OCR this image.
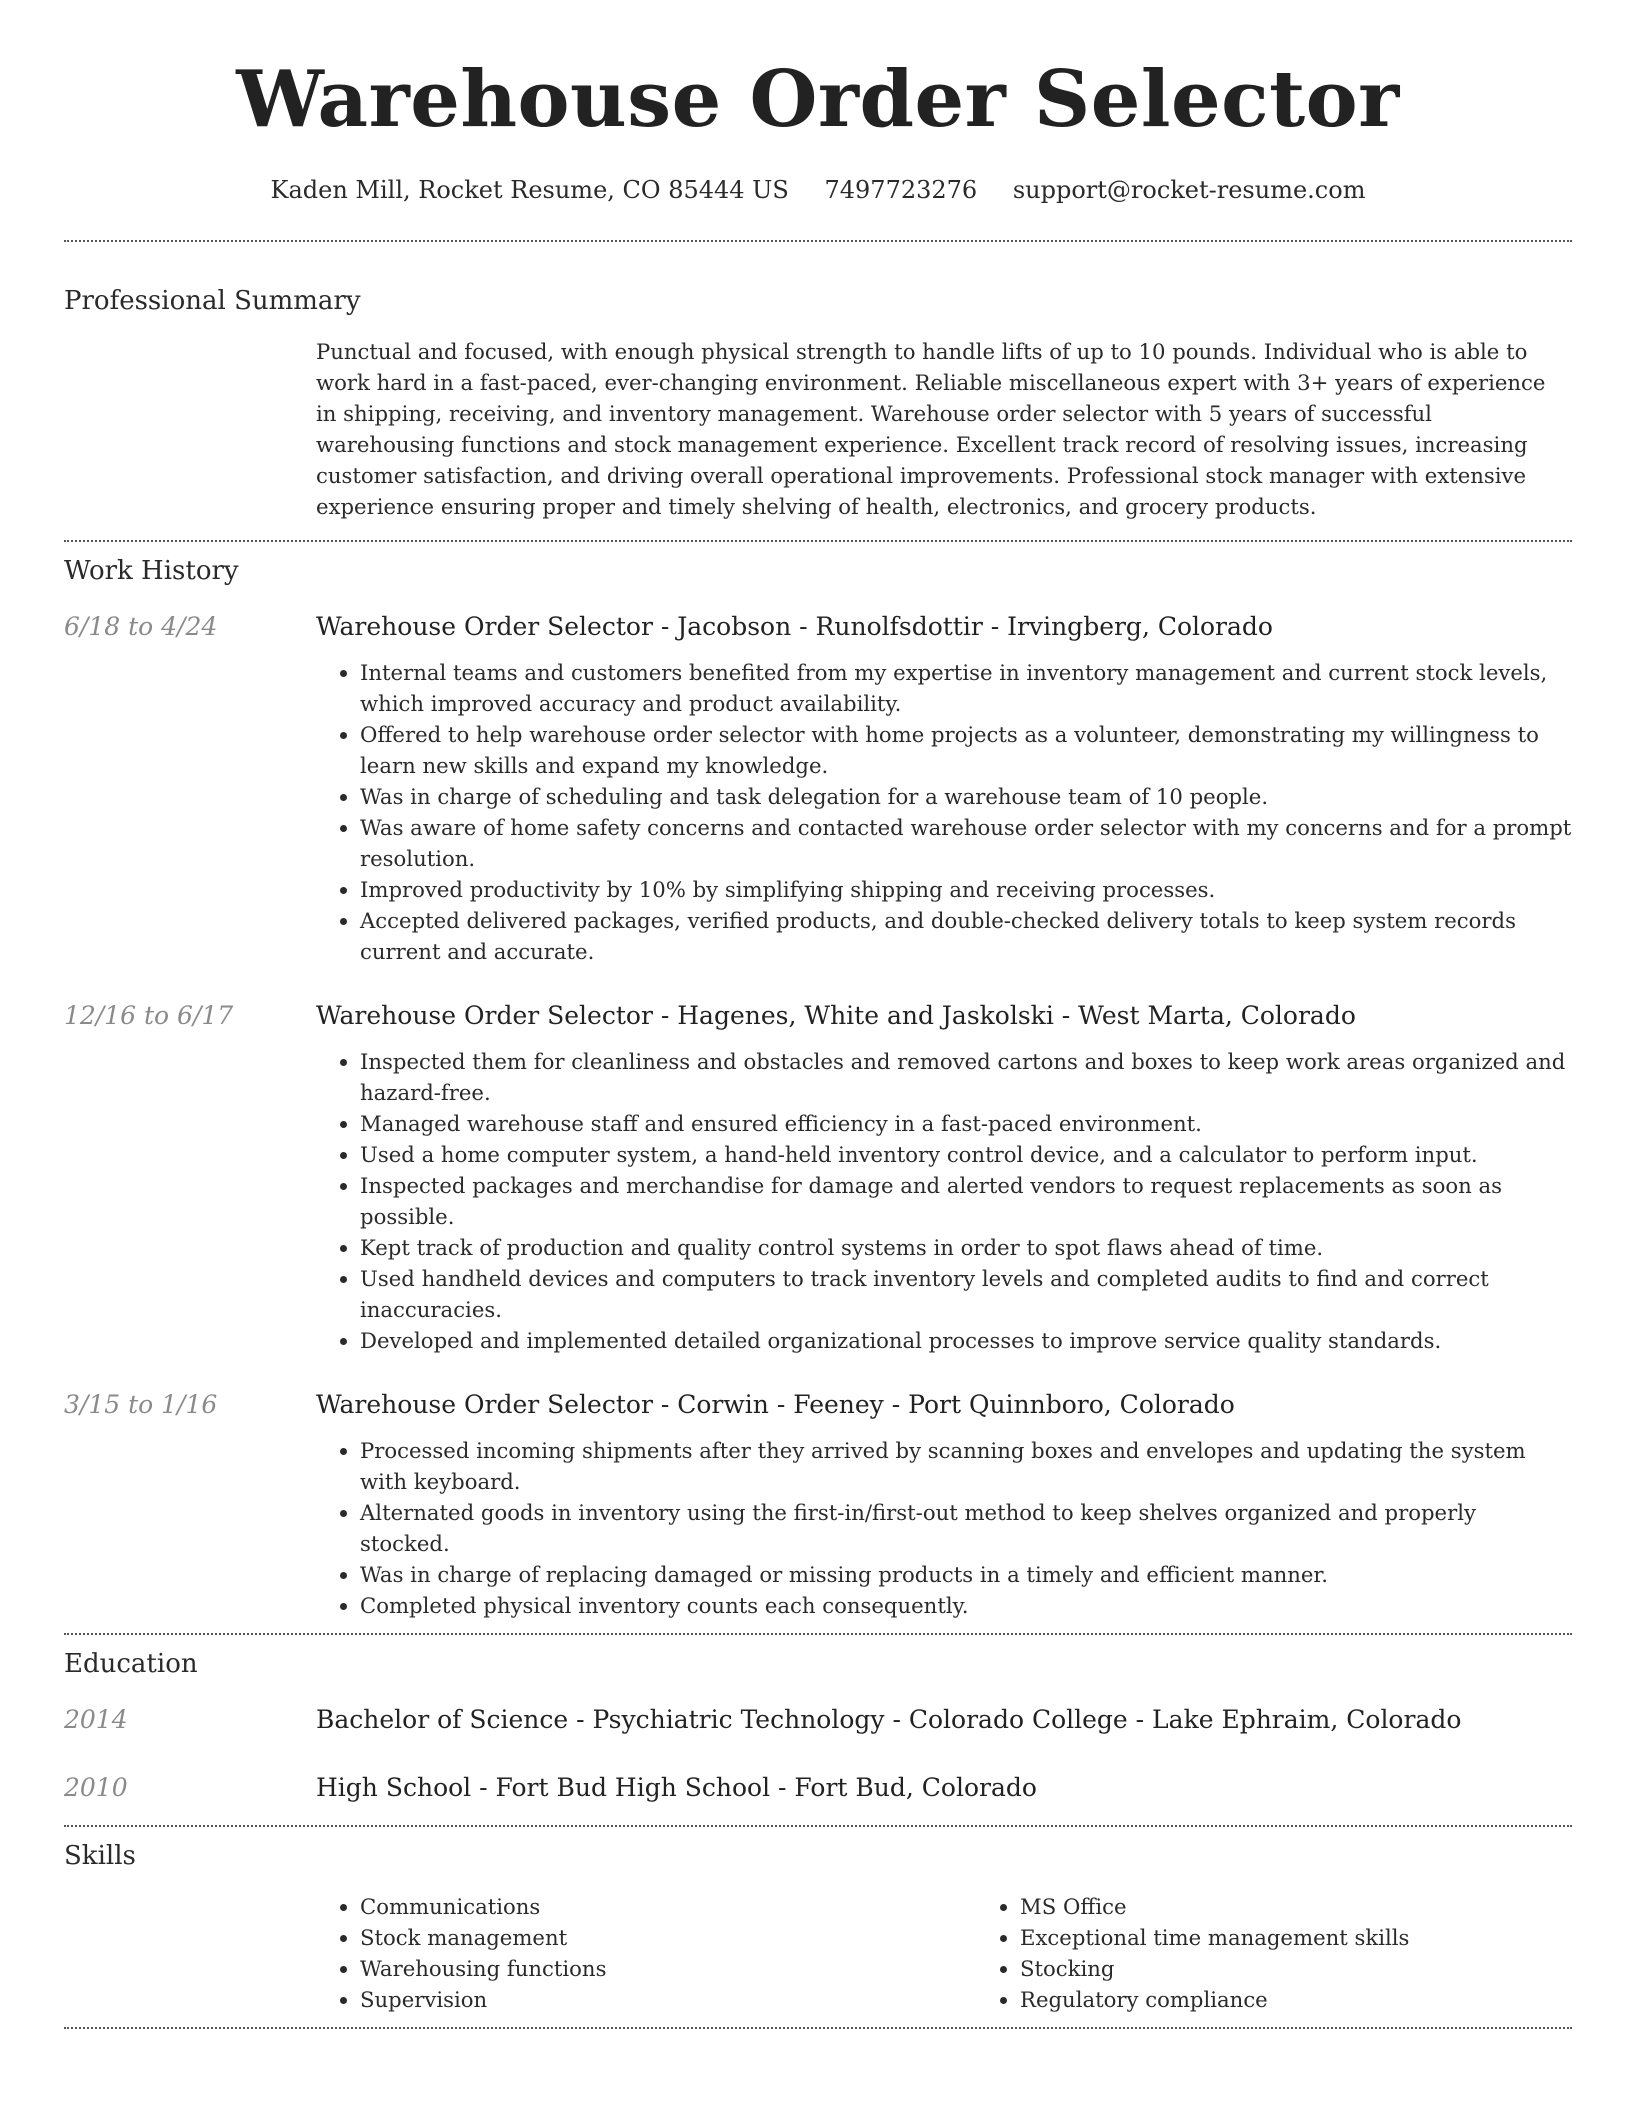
Warehouse Order Selector
Kaden Mill, Rocket Resume, CO 85444 US 7497723276 support@rocket-resume.com
Professional Summary

Punctual and focused, with enough physical strength to handle lifts of up to 10 pounds. Individual who is able to work hard in a fast-paced, ever-changing environment. Reliable miscellaneous expert with 3+ years of experience in shipping, receiving, and inventory management. Warehouse order selector with 5 years of successful warehousing functions and stock management experience. Excellent track record of resolving issues, increasing customer satisfaction, and driving overall operational improvements. Professional stock manager with extensive experience ensuring proper and timely shelving of health, electronics, and grocery products.

Work History
6/18 to 4/24	Warehouse Order Selector - Jacobson - Runolfsdottir - Irvingberg, Colorado
• Internal teams and customers benefited from my expertise in inventory management and current stock levels, which improved accuracy and product availability.
• Offered to help warehouse order selector with home projects as a volunteer, demonstrating my willingness to learn new skills and expand my knowledge.
• Was in charge of scheduling and task delegation for a warehouse team of 10 people.
• Was aware of home safety concerns and contacted warehouse order selector with my concerns and for a prompt resolution.
• Improved productivity by 10% by simplifying shipping and receiving processes.
• Accepted delivered packages, verified products, and double-checked delivery totals to keep system records current and accurate.
12/16 to 6/17	Warehouse Order Selector - Hagenes, White and Jaskolski - West Marta, Colorado
• Inspected them for cleanliness and obstacles and removed cartons and boxes to keep work areas organized and hazard-free.
• Managed warehouse staff and ensured efficiency in a fast-paced environment.
• Used a home computer system, a hand-held inventory control device, and a calculator to perform input.
• Inspected packages and merchandise for damage and alerted vendors to request replacements as soon as possible.
• Kept track of production and quality control systems in order to spot flaws ahead of time.
• Used handheld devices and computers to track inventory levels and completed audits to find and correct inaccuracies.
• Developed and implemented detailed organizational processes to improve service quality standards.
3/15 to 1/16	Warehouse Order Selector - Corwin - Feeney - Port Quinnboro, Colorado
• Processed incoming shipments after they arrived by scanning boxes and envelopes and updating the system with keyboard.
• Alternated goods in inventory using the first-in/first-out method to keep shelves organized and properly stocked.
• Was in charge of replacing damaged or missing products in a timely and efficient manner.
• Completed physical inventory counts each consequently.
Education
2014	Bachelor of Science - Psychiatric Technology - Colorado College - Lake Ephraim, Colorado
2010	High School - Fort Bud High School - Fort Bud, Colorado
Skills
• Communications
• Stock management
• Warehousing functions
• Supervision
• MS Office
• Exceptional time management skills
• Stocking
• Regulatory compliance
